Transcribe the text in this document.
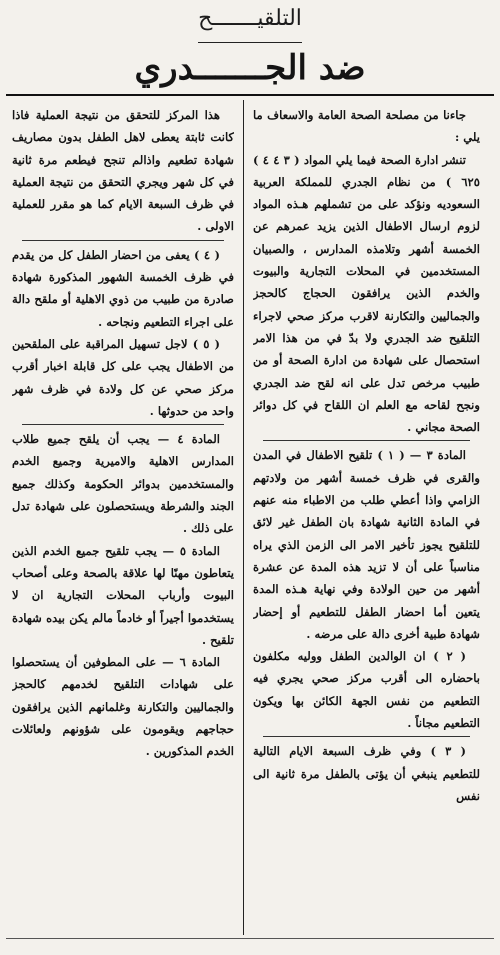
التلقيـــــــح
ضد الجـــــــدري

جاءنا من مصلحة الصحة العامة والاسعاف ما يلي :

تنشر ادارة الصحة فيما يلي المواد ( ٣ ٤ ٤ ) ٦٢٥ ) من نظام الجدري للمملكة العربية السعوديه ونؤكد على من تشملهم هـذه المواد لزوم ارسال الاطفال الذين يزيد عمرهم عن الخمسة أشهر وتلامذه المدارس ، والصبيان المستخدمين في المحلات التجارية والبيوت والخدم الذين يرافقون الحجاج كالحجز والجماليين والتكارنة لاقرب مركز صحي لاجراء التلقيح ضد الجدري ولا بدّ في من هذا الامر استحصال على شهادة من ادارة الصحة أو من طبيب مرخص تدل على انه لقح ضد الجدري ونجح لقاحه مع العلم ان اللقاح في كل دوائر الصحة مجاني .

المادة ٣ — ( ١ ) تلقيح الاطفال في المدن والقرى في ظرف خمسة أشهر من ولادتهم الزامي واذا أعطي طلب من الاطباء منه عنهم في المادة الثانية شهادة بان الطفل غير لائق للتلقيح يجوز تأخير الامر الى الزمن الذي يراه مناسباً على أن لا تزيد هذه المدة عن عشرة أشهر من حين الولادة وفي نهاية هـذه المدة يتعين أما احضار الطفل للتطعيم أو إحضار شهادة طبية أخرى دالة على مرضه .

( ٢ ) ان الوالدين الطفل ووليه مكلفون باحضاره الى أقرب مركز صحي يجري فيه التطعيم من نفس الجهة الكائن بها ويكون التطعيم مجاناً .

( ٣ ) وفي ظرف السبعة الايام التالية للتطعيم ينبغي أن يؤتى بالطفل مرة ثانية الى نفس

هذا المركز للتحقق من نتيجة العملية فاذا كانت ثابتة يعطى لاهل الطفل بدون مصاريف شهادة تطعيم واذالم تنجح فيطعم مرة ثانية في كل شهر ويجري التحقق من نتيجة العملية في ظرف السبعة الايام كما هو مقرر للعملية الاولى .

( ٤ ) يعفى من احضار الطفل كل من يقدم في ظرف الخمسة الشهور المذكورة شهادة صادرة من طبيب من ذوي الاهلية أو ملقح دالة على اجراء التطعيم ونجاحه .

( ٥ ) لاجل تسهيل المراقبة على الملقحين من الاطفال يجب على كل قابلة اخبار أقرب مركز صحي عن كل ولادة في ظرف شهر واحد من حدوثها .

المادة ٤ — يجب أن يلقح جميع طلاب المدارس الاهلية والاميرية وجميع الخدم والمستخدمين بدوائر الحكومة وكذلك جميع الجند والشرطة ويستحصلون على شهادة تدل على ذلك .

المادة ٥ — يجب تلقيح جميع الخدم الذين يتعاطون مهنًا لها علاقة بالصحة وعلى أصحاب البيوت وأرباب المحلات التجارية ان لا يستخدموا أجيراً أو خادماً مالم يكن بيده شهادة تلقيح .

المادة ٦ — على المطوفين أن يستحصلوا على شهادات التلقيح لخدمهم كالحجز والجماليين والتكارنة وغلمانهم الذين يرافقون حجاجهم ويقومون على شؤونهم ولعائلات الخدم المذكورين .
